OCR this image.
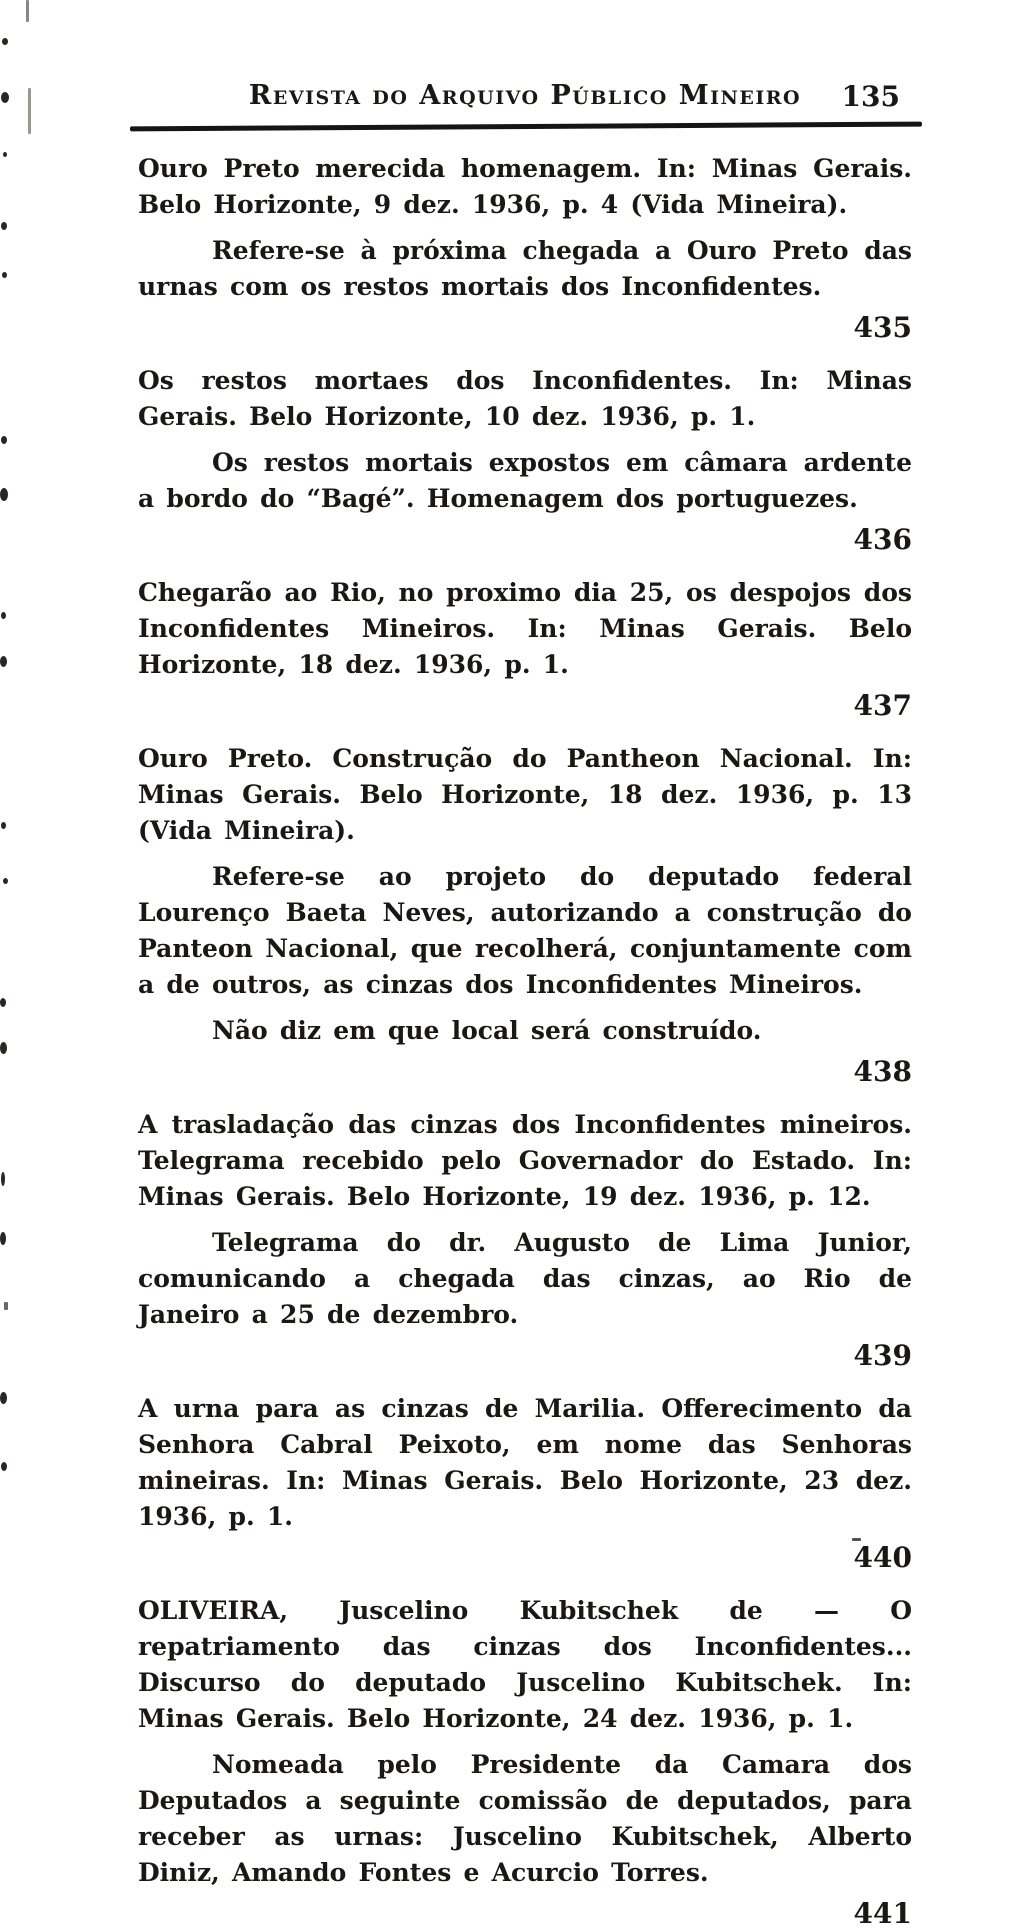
Revista do Arquivo Público Mineiro	135

Ouro Preto merecida homenagem. In: Minas Gerais. Belo Horizonte, 9 dez. 1936, p. 4 (Vida Mineira).

Refere-se à próxima chegada a Ouro Preto das urnas com os restos mortais dos Inconfidentes.

435

Os restos mortaes dos Inconfidentes. In: Minas Gerais. Belo Horizonte, 10 dez. 1936, p. 1.

Os restos mortais expostos em câmara ardente a bordo do “Bagé”. Homenagem dos portuguezes.

436

Chegarão ao Rio, no proximo dia 25, os despojos dos Inconfidentes Mineiros. In: Minas Gerais. Belo Horizonte, 18 dez. 1936, p. 1.

437

Ouro Preto. Construção do Pantheon Nacional. In: Minas Gerais. Belo Horizonte, 18 dez. 1936, p. 13 (Vida Mineira).

Refere-se ao projeto do deputado federal Lourenço Baeta Neves, autorizando a construção do Panteon Nacional, que recolherá, conjuntamente com a de outros, as cinzas dos Inconfidentes Mineiros.

Não diz em que local será construído.

438

A trasladação das cinzas dos Inconfidentes mineiros. Telegrama recebido pelo Governador do Estado. In: Minas Gerais. Belo Horizonte, 19 dez. 1936, p. 12.

Telegrama do dr. Augusto de Lima Junior, comunicando a chegada das cinzas, ao Rio de Janeiro a 25 de dezembro.

439

A urna para as cinzas de Marilia. Offerecimento da Senhora Cabral Peixoto, em nome das Senhoras mineiras. In: Minas Gerais. Belo Horizonte, 23 dez. 1936, p. 1.

440

OLIVEIRA, Juscelino Kubitschek de — O repatriamento das cinzas dos Inconfidentes... Discurso do deputado Juscelino Kubitschek. In: Minas Gerais. Belo Horizonte, 24 dez. 1936, p. 1.

Nomeada pelo Presidente da Camara dos Deputados a seguinte comissão de deputados, para receber as urnas: Juscelino Kubitschek, Alberto Diniz, Amando Fontes e Acurcio Torres.

441
